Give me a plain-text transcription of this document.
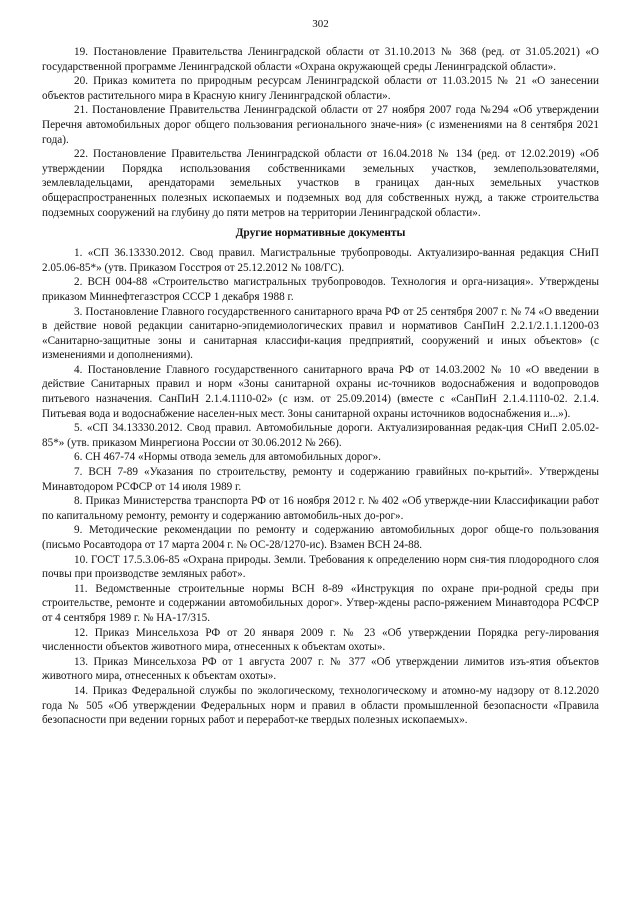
302

19. Постановление Правительства Ленинградской области от 31.10.2013 № 368 (ред. от 31.05.2021) «О государственной программе Ленинградской области «Охрана окружающей среды Ленинградской области».

20. Приказ комитета по природным ресурсам Ленинградской области от 11.03.2015 № 21 «О занесении объектов растительного мира в Красную книгу Ленинградской области».

21. Постановление Правительства Ленинградской области от 27 ноября 2007 года №294 «Об утверждении Перечня автомобильных дорог общего пользования регионального значе-ния» (с изменениями на 8 сентября 2021 года).

22. Постановление Правительства Ленинградской области от 16.04.2018 № 134 (ред. от 12.02.2019) «Об утверждении Порядка использования собственниками земельных участков, землепользователями, землевладельцами, арендаторами земельных участков в границах дан-ных земельных участков общераспространенных полезных ископаемых и подземных вод для собственных нужд, а также строительства подземных сооружений на глубину до пяти метров на территории Ленинградской области».

Другие нормативные документы

1. «СП 36.13330.2012. Свод правил. Магистральные трубопроводы. Актуализиро-ванная редакция СНиП 2.05.06-85*» (утв. Приказом Госстроя от 25.12.2012 № 108/ГС).

2. ВСН 004-88 «Строительство магистральных трубопроводов. Технология и орга-низация». Утверждены приказом Миннефтегазстроя СССР 1 декабря 1988 г.

3. Постановление Главного государственного санитарного врача РФ от 25 сентября 2007 г. № 74 «О введении в действие новой редакции санитарно-эпидемиологических правил и нормативов СанПиН 2.2.1/2.1.1.1200-03 «Санитарно-защитные зоны и санитарная классифи-кация предприятий, сооружений и иных объектов» (с изменениями и дополнениями).

4. Постановление Главного государственного санитарного врача РФ от 14.03.2002 № 10 «О введении в действие Санитарных правил и норм «Зоны санитарной охраны ис-точников водоснабжения и водопроводов питьевого назначения. СанПиН 2.1.4.1110-02» (с изм. от 25.09.2014) (вместе с «СанПиН 2.1.4.1110-02. 2.1.4. Питьевая вода и водоснабжение населен-ных мест. Зоны санитарной охраны источников водоснабжения и...»).

5. «СП 34.13330.2012. Свод правил. Автомобильные дороги. Актуализированная редак-ция СНиП 2.05.02-85*» (утв. приказом Минрегиона России от 30.06.2012 № 266).

6. СН 467-74 «Нормы отвода земель для автомобильных дорог».

7. ВСН 7-89 «Указания по строительству, ремонту и содержанию гравийных по-крытий». Утверждены Минавтодором РСФСР от 14 июля 1989 г.

8. Приказ Министерства транспорта РФ от 16 ноября 2012 г. № 402 «Об утвержде-нии Классификации работ по капитальному ремонту, ремонту и содержанию автомобиль-ных до-рог».

9. Методические рекомендации по ремонту и содержанию автомобильных дорог обще-го пользования (письмо Росавтодора от 17 марта 2004 г. № ОС-28/1270-ис). Взамен ВСН 24-88.

10. ГОСТ 17.5.3.06-85 «Охрана природы. Земли. Требования к определению норм сня-тия плодородного слоя почвы при производстве земляных работ».

11. Ведомственные строительные нормы ВСН 8-89 «Инструкция по охране при-родной среды при строительстве, ремонте и содержании автомобильных дорог». Утвер-ждены распо-ряжением Минавтодора РСФСР от 4 сентября 1989 г. № НА-17/315.

12. Приказ Минсельхоза РФ от 20 января 2009 г. № 23 «Об утверждении Порядка регу-лирования численности объектов животного мира, отнесенных к объектам охоты».

13. Приказ Минсельхоза РФ от 1 августа 2007 г. № 377 «Об утверждении лимитов изъ-ятия объектов животного мира, отнесенных к объектам охоты».

14. Приказ Федеральной службы по экологическому, технологическому и атомно-му надзору от 8.12.2020 года № 505 «Об утверждении Федеральных норм и правил в области промышленной безопасности «Правила безопасности при ведении горных работ и переработ-ке твердых полезных ископаемых».
